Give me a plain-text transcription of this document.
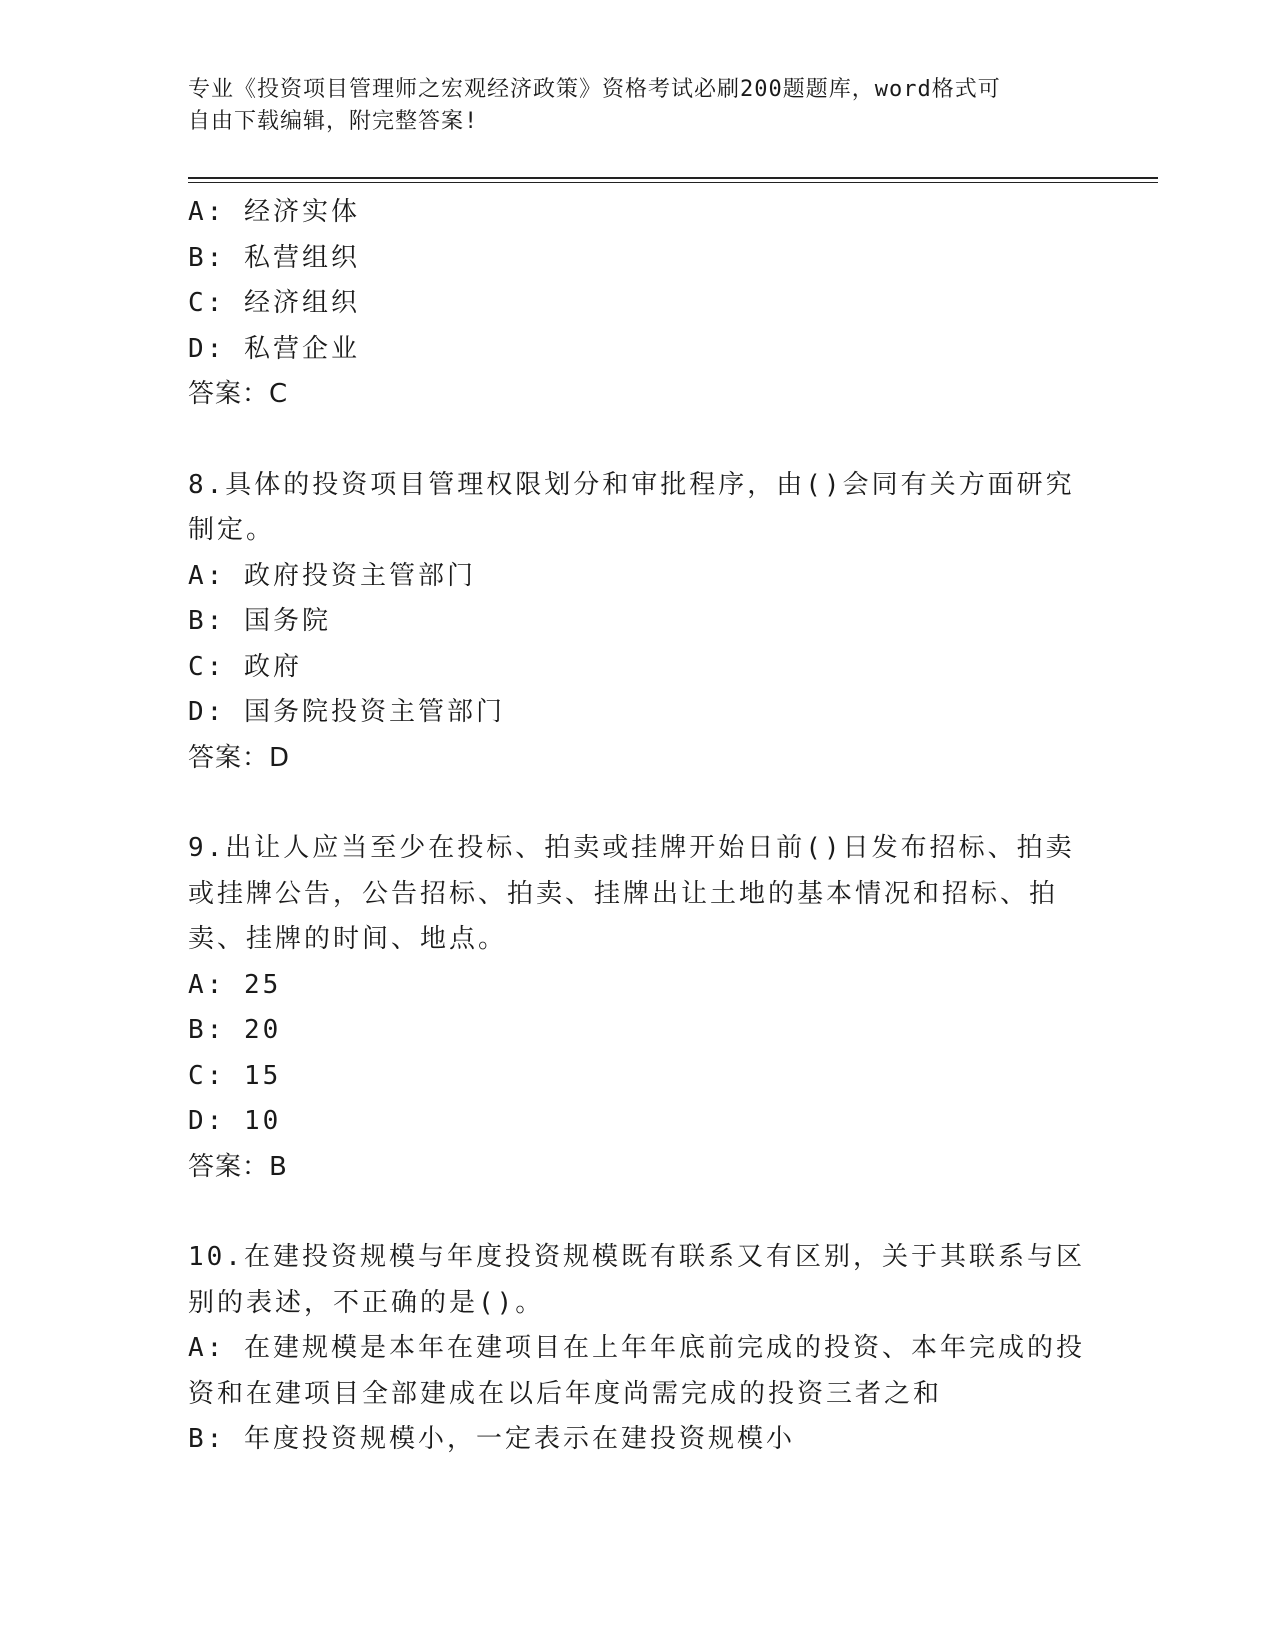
专业《投资项目管理师之宏观经济政策》资格考试必刷200题题库，word格式可
自由下载编辑，附完整答案!
A: 经济实体
B: 私营组织
C: 经济组织
D: 私营企业
答案：C
8.具体的投资项目管理权限划分和审批程序，由()会同有关方面研究
制定。
A: 政府投资主管部门
B: 国务院
C: 政府
D: 国务院投资主管部门
答案：D
9.出让人应当至少在投标、拍卖或挂牌开始日前()日发布招标、拍卖
或挂牌公告，公告招标、拍卖、挂牌出让土地的基本情况和招标、拍
卖、挂牌的时间、地点。
A: 25
B: 20
C: 15
D: 10
答案：B
10.在建投资规模与年度投资规模既有联系又有区别，关于其联系与区
别的表述，不正确的是()。
A: 在建规模是本年在建项目在上年年底前完成的投资、本年完成的投
资和在建项目全部建成在以后年度尚需完成的投资三者之和
B: 年度投资规模小，一定表示在建投资规模小
